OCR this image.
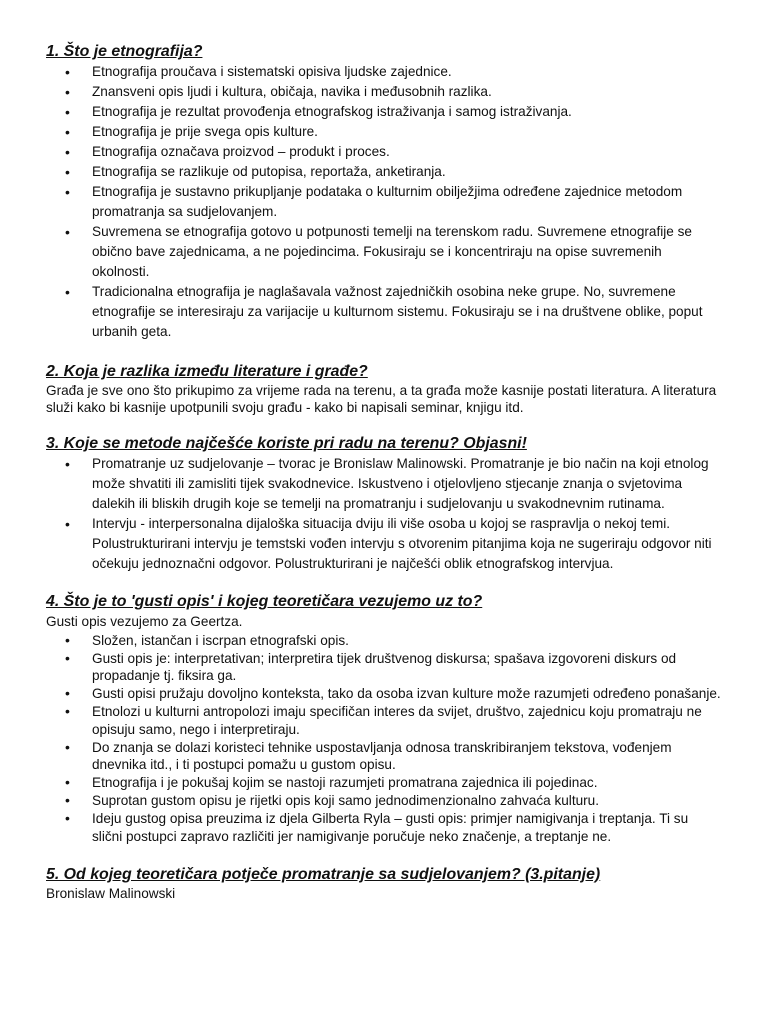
1. Što je etnografija?
• Etnografija proučava i sistematski opisiva ljudske zajednice.
• Znansveni opis ljudi i kultura, običaja, navika i međusobnih razlika.
• Etnografija je rezultat provođenja etnografskog istraživanja i samog istraživanja.
• Etnografija je prije svega opis kulture.
• Etnografija označava proizvod – produkt i proces.
• Etnografija se razlikuje od putopisa, reportaža, anketiranja.
• Etnografija je sustavno prikupljanje podataka o kulturnim obilježjima određene zajednice metodom promatranja sa sudjelovanjem.
• Suvremena se etnografija gotovo u potpunosti temelji na terenskom radu. Suvremene etnografije se obično bave zajednicama, a ne pojedincima. Fokusiraju se i koncentriraju na opise suvremenih okolnosti.
• Tradicionalna etnografija je naglašavala važnost zajedničkih osobina neke grupe. No, suvremene etnografije se interesiraju za varijacije u kulturnom sistemu. Fokusiraju se i na društvene oblike, poput urbanih geta.
2. Koja je razlika između literature i građe?

Građa je sve ono što prikupimo za vrijeme rada na terenu, a ta građa može kasnije postati literatura. A literatura služi kako bi kasnije upotpunili svoju građu - kako bi napisali seminar, knjigu itd.

3. Koje se metode najčešće koriste pri radu na terenu? Objasni!
• Promatranje uz sudjelovanje – tvorac je Bronislaw Malinowski. Promatranje je bio način na koji etnolog može shvatiti ili zamisliti tijek svakodnevice. Iskustveno i otjelovljeno stjecanje znanja o svjetovima dalekih ili bliskih drugih koje se temelji na promatranju i sudjelovanju u svakodnevnim rutinama.
• Intervju - interpersonalna dijaloška situacija dviju ili više osoba u kojoj se raspravlja o nekoj temi. Polustrukturirani intervju je temstski vođen intervju s otvorenim pitanjima koja ne sugeriraju odgovor niti očekuju jednoznačni odgovor. Polustrukturirani je najčešći oblik etnografskog intervjua.
4. Što je to 'gusti opis' i kojeg teoretičara vezujemo uz to?

Gusti opis vezujemo za Geertza.

• Složen, istančan i iscrpan etnografski opis.
• Gusti opis je: interpretativan; interpretira tijek društvenog diskursa; spašava izgovoreni diskurs od propadanje tj. fiksira ga.
• Gusti opisi pružaju dovoljno konteksta, tako da osoba izvan kulture može razumjeti određeno ponašanje.
• Etnolozi u kulturni antropolozi imaju specifičan interes da svijet, društvo, zajednicu koju promatraju ne opisuju samo, nego i interpretiraju.
• Do znanja se dolazi koristeci tehnike uspostavljanja odnosa transkribiranjem tekstova, vođenjem dnevnika itd., i ti postupci pomažu u gustom opisu.
• Etnografija i je pokušaj kojim se nastoji razumjeti promatrana zajednica ili pojedinac.
• Suprotan gustom opisu je rijetki opis koji samo jednodimenzionalno zahvaća kulturu.
• Ideju gustog opisa preuzima iz djela Gilberta Ryla – gusti opis: primjer namigivanja i treptanja. Ti su slični postupci zapravo različiti jer namigivanje poručuje neko značenje, a treptanje ne.
5. Od kojeg teoretičara potječe promatranje sa sudjelovanjem? (3.pitanje)

Bronislaw Malinowski
